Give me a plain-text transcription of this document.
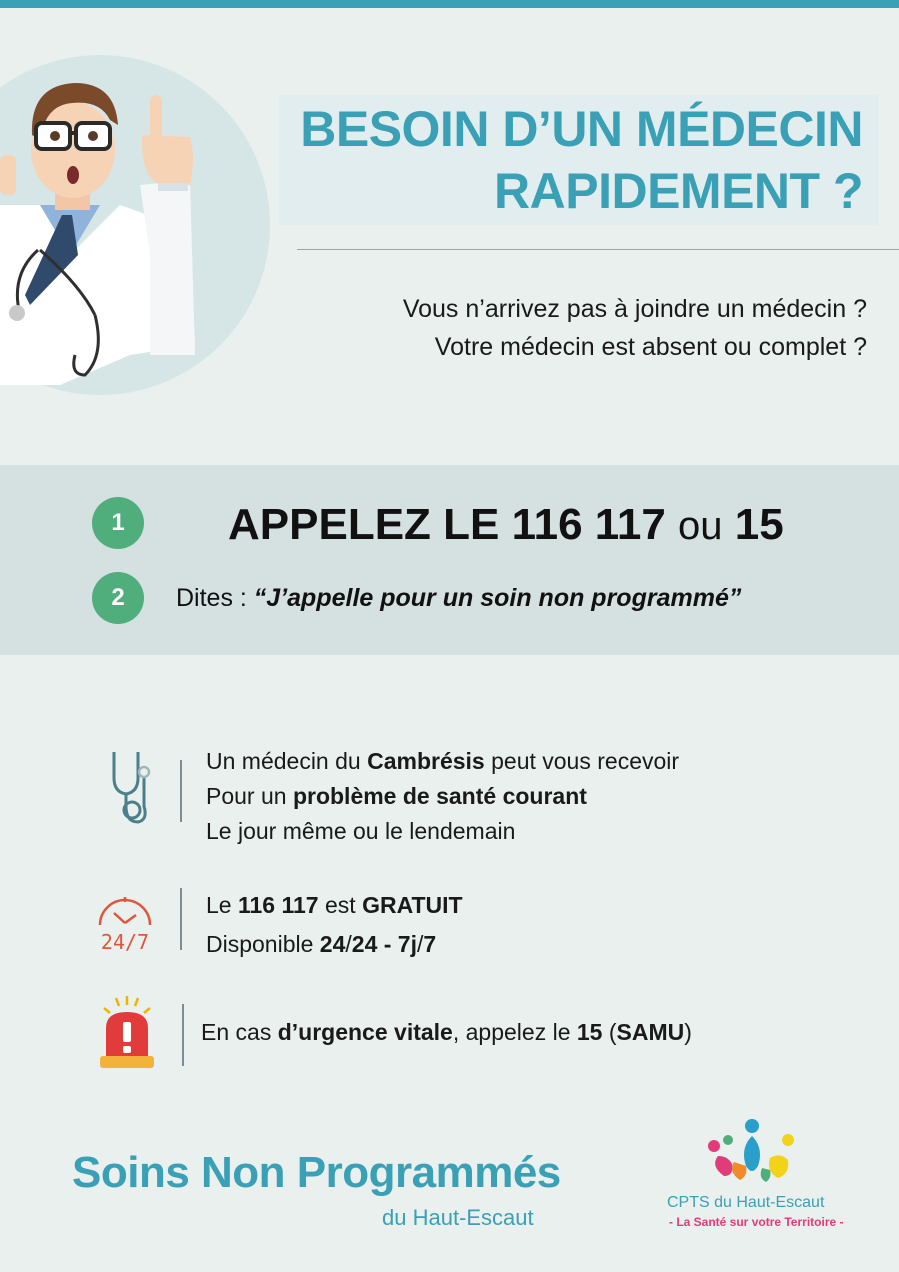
BESOIN D’UN MÉDECIN
RAPIDEMENT ?
Vous n’arrivez pas à joindre un médecin ?
Votre médecin est absent ou complet ?
1	APPELEZ LE 116 117 ou 15
2	Dites : “J’appelle pour un soin non programmé”
Un médecin du Cambrésis peut vous recevoir
Pour un problème de santé courant
Le jour même ou le lendemain
24/7
Le 116 117 est GRATUIT
Disponible 24/24 - 7j/7
En cas d’urgence vitale, appelez le 15 (SAMU)
Soins Non Programmés
du Haut-Escaut
CPTS du Haut-Escaut
- La Santé sur votre Territoire -
